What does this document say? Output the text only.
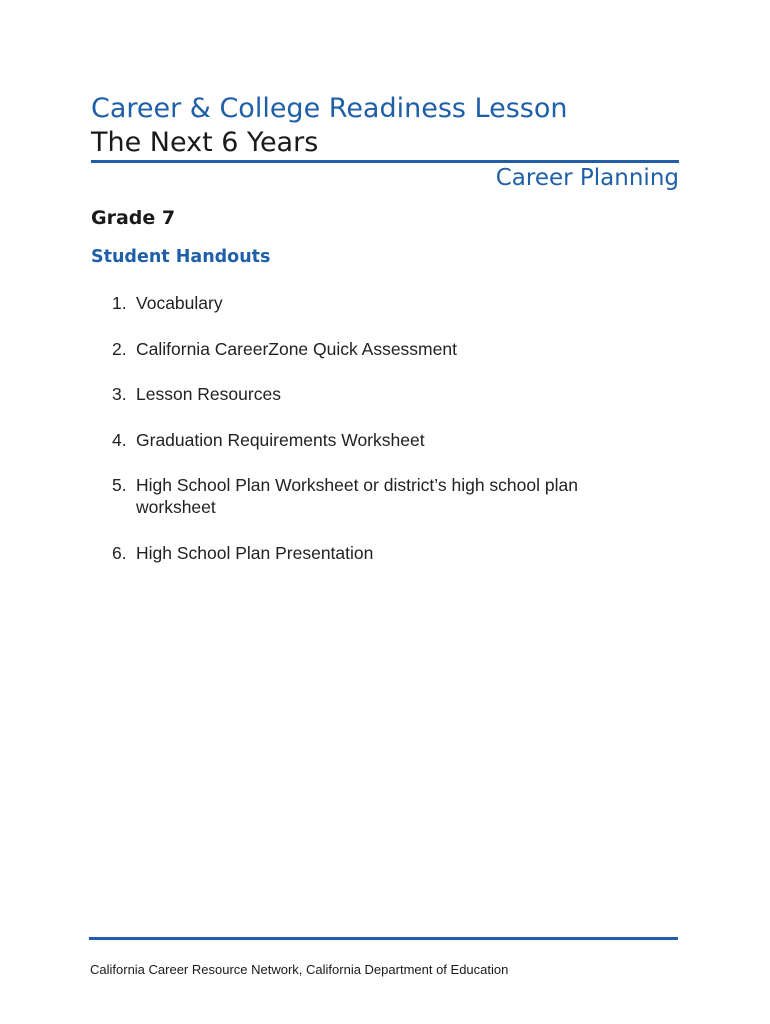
Career & College Readiness Lesson
The Next 6 Years

Career Planning

Grade 7

Student Handouts

1. Vocabulary
2. California CareerZone Quick Assessment
3. Lesson Resources
4. Graduation Requirements Worksheet
5. High School Plan Worksheet or district’s high school plan worksheet
6. High School Plan Presentation

California Career Resource Network, California Department of Education
